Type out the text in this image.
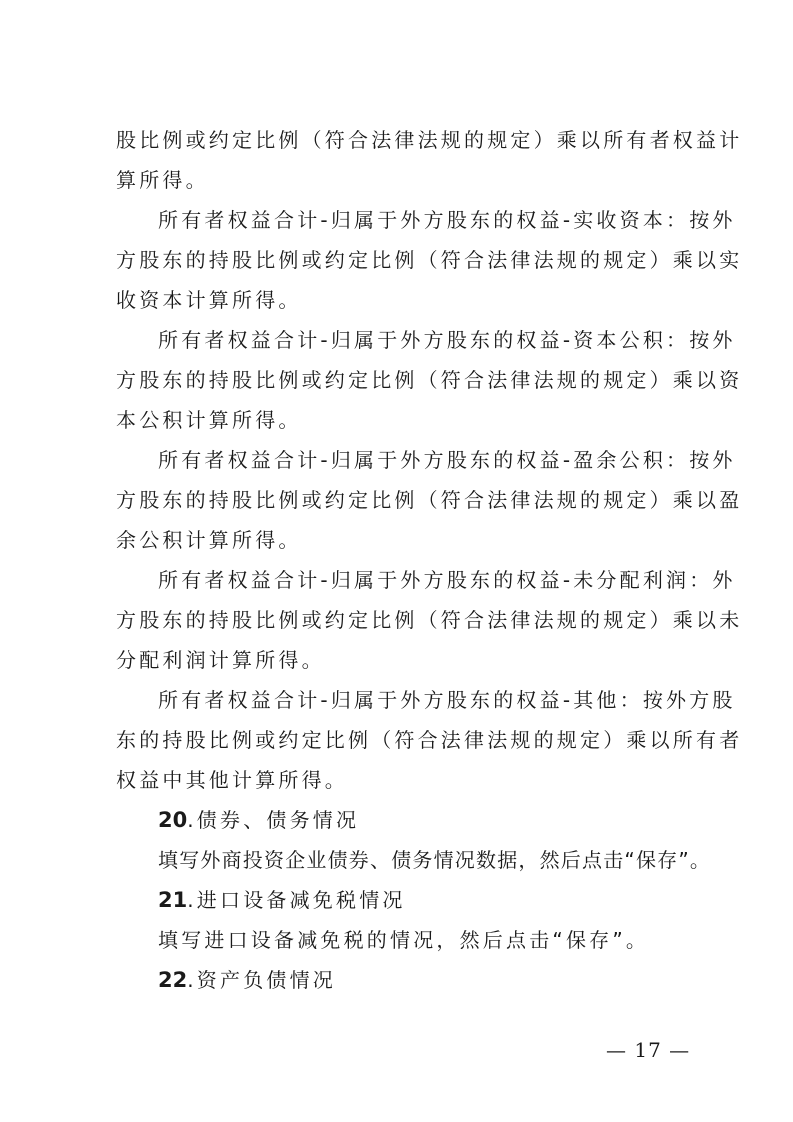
股比例或约定比例（符合法律法规的规定）乘以所有者权益计
算所得。
所有者权益合计-归属于外方股东的权益-实收资本：按外
方股东的持股比例或约定比例（符合法律法规的规定）乘以实
收资本计算所得。
所有者权益合计-归属于外方股东的权益-资本公积：按外
方股东的持股比例或约定比例（符合法律法规的规定）乘以资
本公积计算所得。
所有者权益合计-归属于外方股东的权益-盈余公积：按外
方股东的持股比例或约定比例（符合法律法规的规定）乘以盈
余公积计算所得。
所有者权益合计-归属于外方股东的权益-未分配利润：外
方股东的持股比例或约定比例（符合法律法规的规定）乘以未
分配利润计算所得。
所有者权益合计-归属于外方股东的权益-其他：按外方股
东的持股比例或约定比例（符合法律法规的规定）乘以所有者
权益中其他计算所得。
20.债券、债务情况
填写外商投资企业债券、债务情况数据，然后点击“保存”。
21.进口设备减免税情况
填写进口设备减免税的情况，然后点击“保存”。
22.资产负债情况
— 17 —
